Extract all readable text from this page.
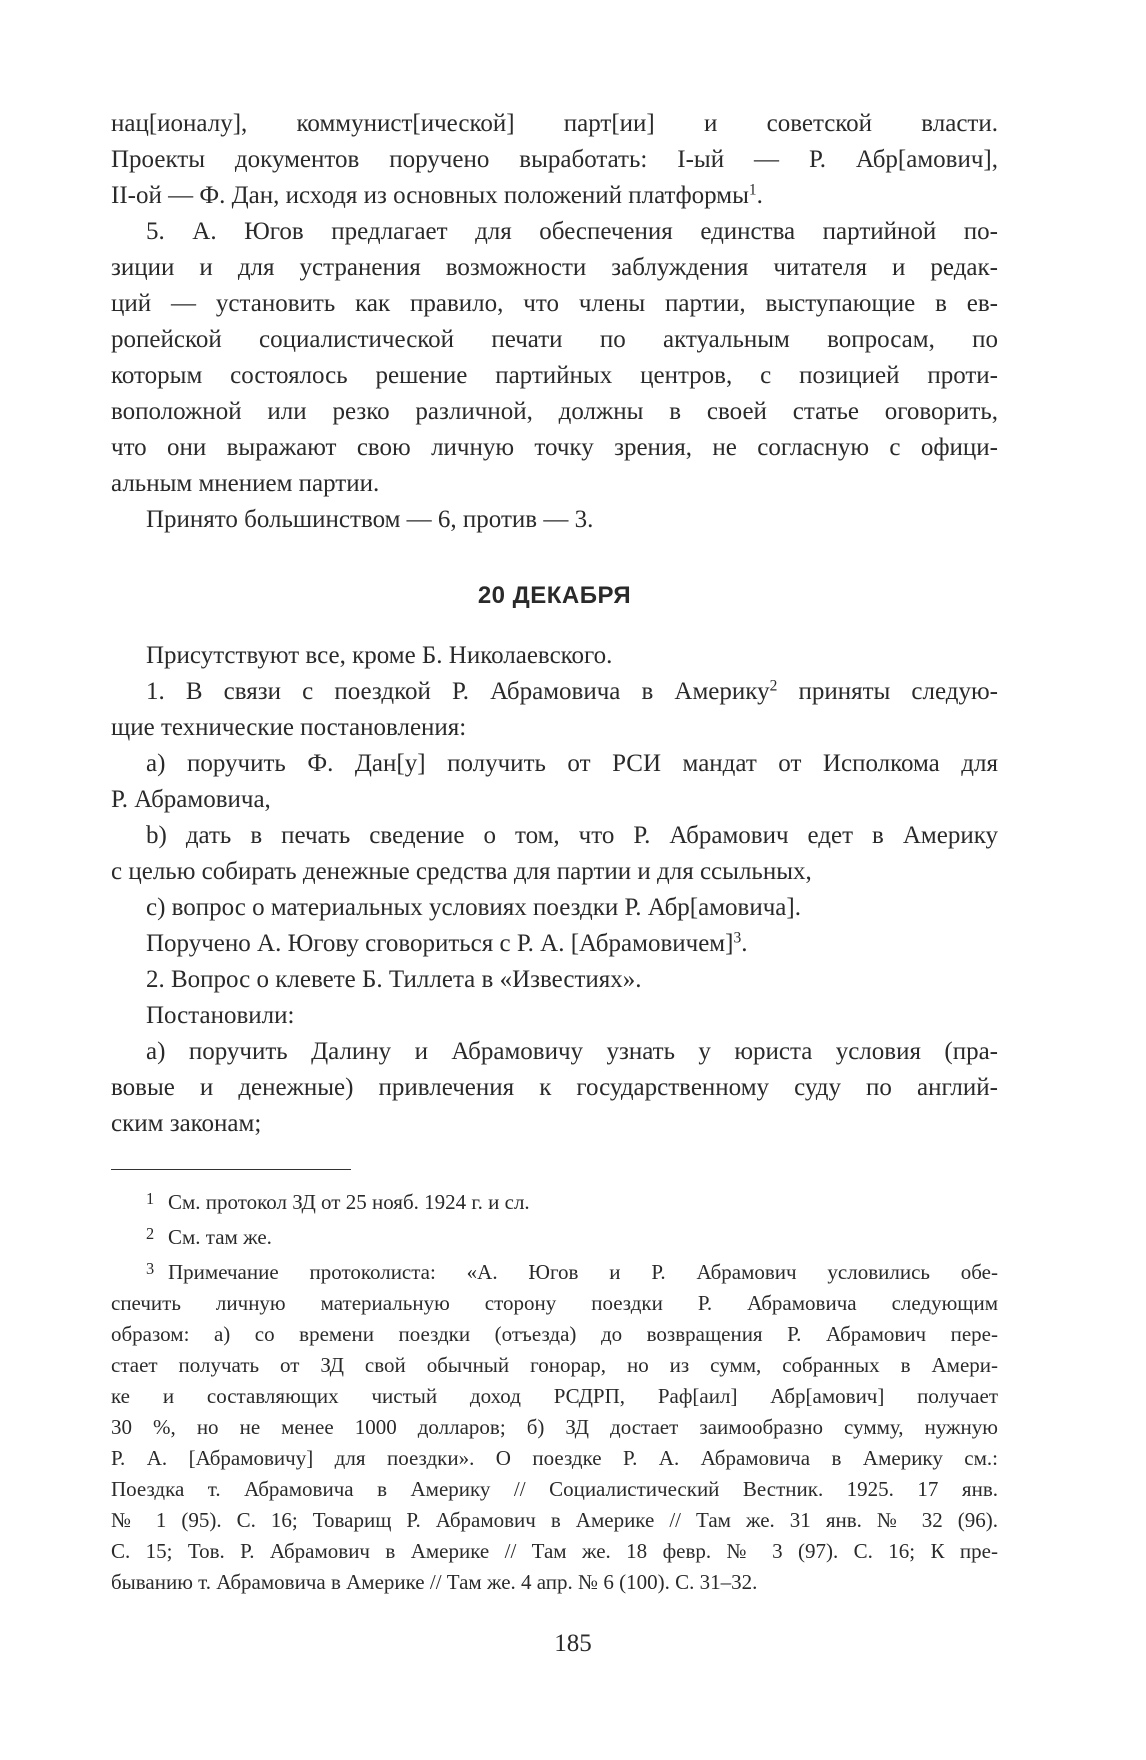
нац[ионалу], коммунист[ической] парт[ии] и советской власти.
Проекты документов поручено выработать: I-ый — Р. Абр[амович],
II-ой — Ф. Дан, исходя из основных положений платформы$^1$.
5. А. Югов предлагает для обеспечения единства партийной по-
зиции и для устранения возможности заблуждения читателя и редак-
ций — установить как правило, что члены партии, выступающие в ев-
ропейской социалистической печати по актуальным вопросам, по
которым состоялось решение партийных центров, с позицией проти-
воположной или резко различной, должны в своей статье оговорить,
что они выражают свою личную точку зрения, не согласную с офици-
альным мнением партии.
Принято большинством — 6, против — 3.
20 ДЕКАБРЯ
Присутствуют все, кроме Б. Николаевского.
1. В связи с поездкой Р. Абрамовича в Америку$^2$ приняты следую-
щие технические постановления:
а) поручить Ф. Дан[у] получить от РСИ мандат от Исполкома для
Р. Абрамовича,
b) дать в печать сведение о том, что Р. Абрамович едет в Америку
с целью собирать денежные средства для партии и для ссыльных,
c) вопрос о материальных условиях поездки Р. Абр[амовича].
Поручено А. Югову сговориться с Р. А. [Абрамовичем]$^3$.
2. Вопрос о клевете Б. Тиллета в «Известиях».
Постановили:
а) поручить Далину и Абрамовичу узнать у юриста условия (пра-
вовые и денежные) привлечения к государственному суду по англий-
ским законам;
1 См. протокол ЗД от 25 нояб. 1924 г. и сл.
2 См. там же.
3 Примечание протоколиста: «А. Югов и Р. Абрамович условились обе-
спечить личную материальную сторону поездки Р. Абрамовича следующим
образом: а) со времени поездки (отъезда) до возвращения Р. Абрамович пере-
стает получать от ЗД свой обычный гонорар, но из сумм, собранных в Амери-
ке и составляющих чистый доход РСДРП, Раф[аил] Абр[амович] получает
30 %, но не менее 1000 долларов; б) ЗД достает заимообразно сумму, нужную
Р. А. [Абрамовичу] для поездки». О поездке Р. А. Абрамовича в Америку см.:
Поездка т. Абрамовича в Америку // Социалистический Вестник. 1925. 17 янв.
№ 1 (95). С. 16; Товарищ Р. Абрамович в Америке // Там же. 31 янв. № 32 (96).
С. 15; Тов. Р. Абрамович в Америке // Там же. 18 февр. № 3 (97). С. 16; К пре-
быванию т. Абрамовича в Америке // Там же. 4 апр. № 6 (100). С. 31–32.
185
